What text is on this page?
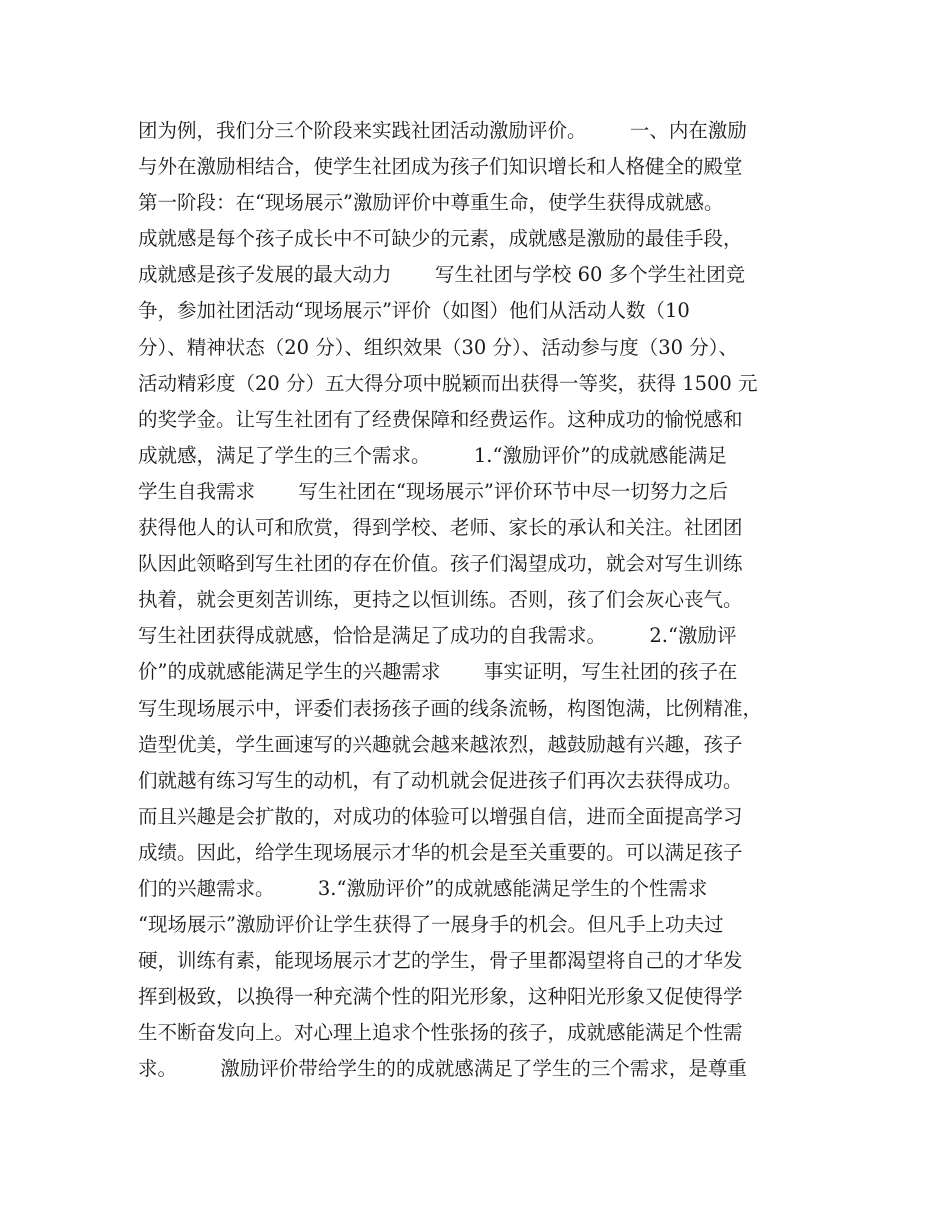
团为例，我们分三个阶段来实践社团活动激励评价。       一、内在激励
与外在激励相结合，使学生社团成为孩子们知识增长和人格健全的殿堂
第一阶段：在“现场展示”激励评价中尊重生命，使学生获得成就感。
成就感是每个孩子成长中不可缺少的元素，成就感是激励的最佳手段，
成就感是孩子发展的最大动力       写生社团与学校 60 多个学生社团竞
争，参加社团活动“现场展示”评价（如图）他们从活动人数（10
分）、精神状态（20 分）、组织效果（30 分）、活动参与度（30 分）、
活动精彩度（20 分）五大得分项中脱颖而出获得一等奖，获得 1500 元
的奖学金。让写生社团有了经费保障和经费运作。这种成功的愉悦感和
成就感，满足了学生的三个需求。       1.“激励评价”的成就感能满足
学生自我需求       写生社团在“现场展示”评价环节中尽一切努力之后
获得他人的认可和欣赏，得到学校、老师、家长的承认和关注。社团团
队因此领略到写生社团的存在价值。孩子们渴望成功，就会对写生训练
执着，就会更刻苦训练，更持之以恒训练。否则，孩了们会灰心丧气。
写生社团获得成就感，恰恰是满足了成功的自我需求。       2.“激励评
价”的成就感能满足学生的兴趣需求       事实证明，写生社团的孩子在
写生现场展示中，评委们表扬孩子画的线条流畅，构图饱满，比例精准，
造型优美，学生画速写的兴趣就会越来越浓烈，越鼓励越有兴趣，孩子
们就越有练习写生的动机，有了动机就会促进孩子们再次去获得成功。
而且兴趣是会扩散的，对成功的体验可以增强自信，进而全面提高学习
成绩。因此，给学生现场展示才华的机会是至关重要的。可以满足孩子
们的兴趣需求。       3.“激励评价”的成就感能满足学生的个性需求
“现场展示”激励评价让学生获得了一展身手的机会。但凡手上功夫过
硬，训练有素，能现场展示才艺的学生，骨子里都渴望将自己的才华发
挥到极致，以换得一种充满个性的阳光形象，这种阳光形象又促使得学
生不断奋发向上。对心理上追求个性张扬的孩子，成就感能满足个性需
求。       激励评价带给学生的的成就感满足了学生的三个需求，是尊重
